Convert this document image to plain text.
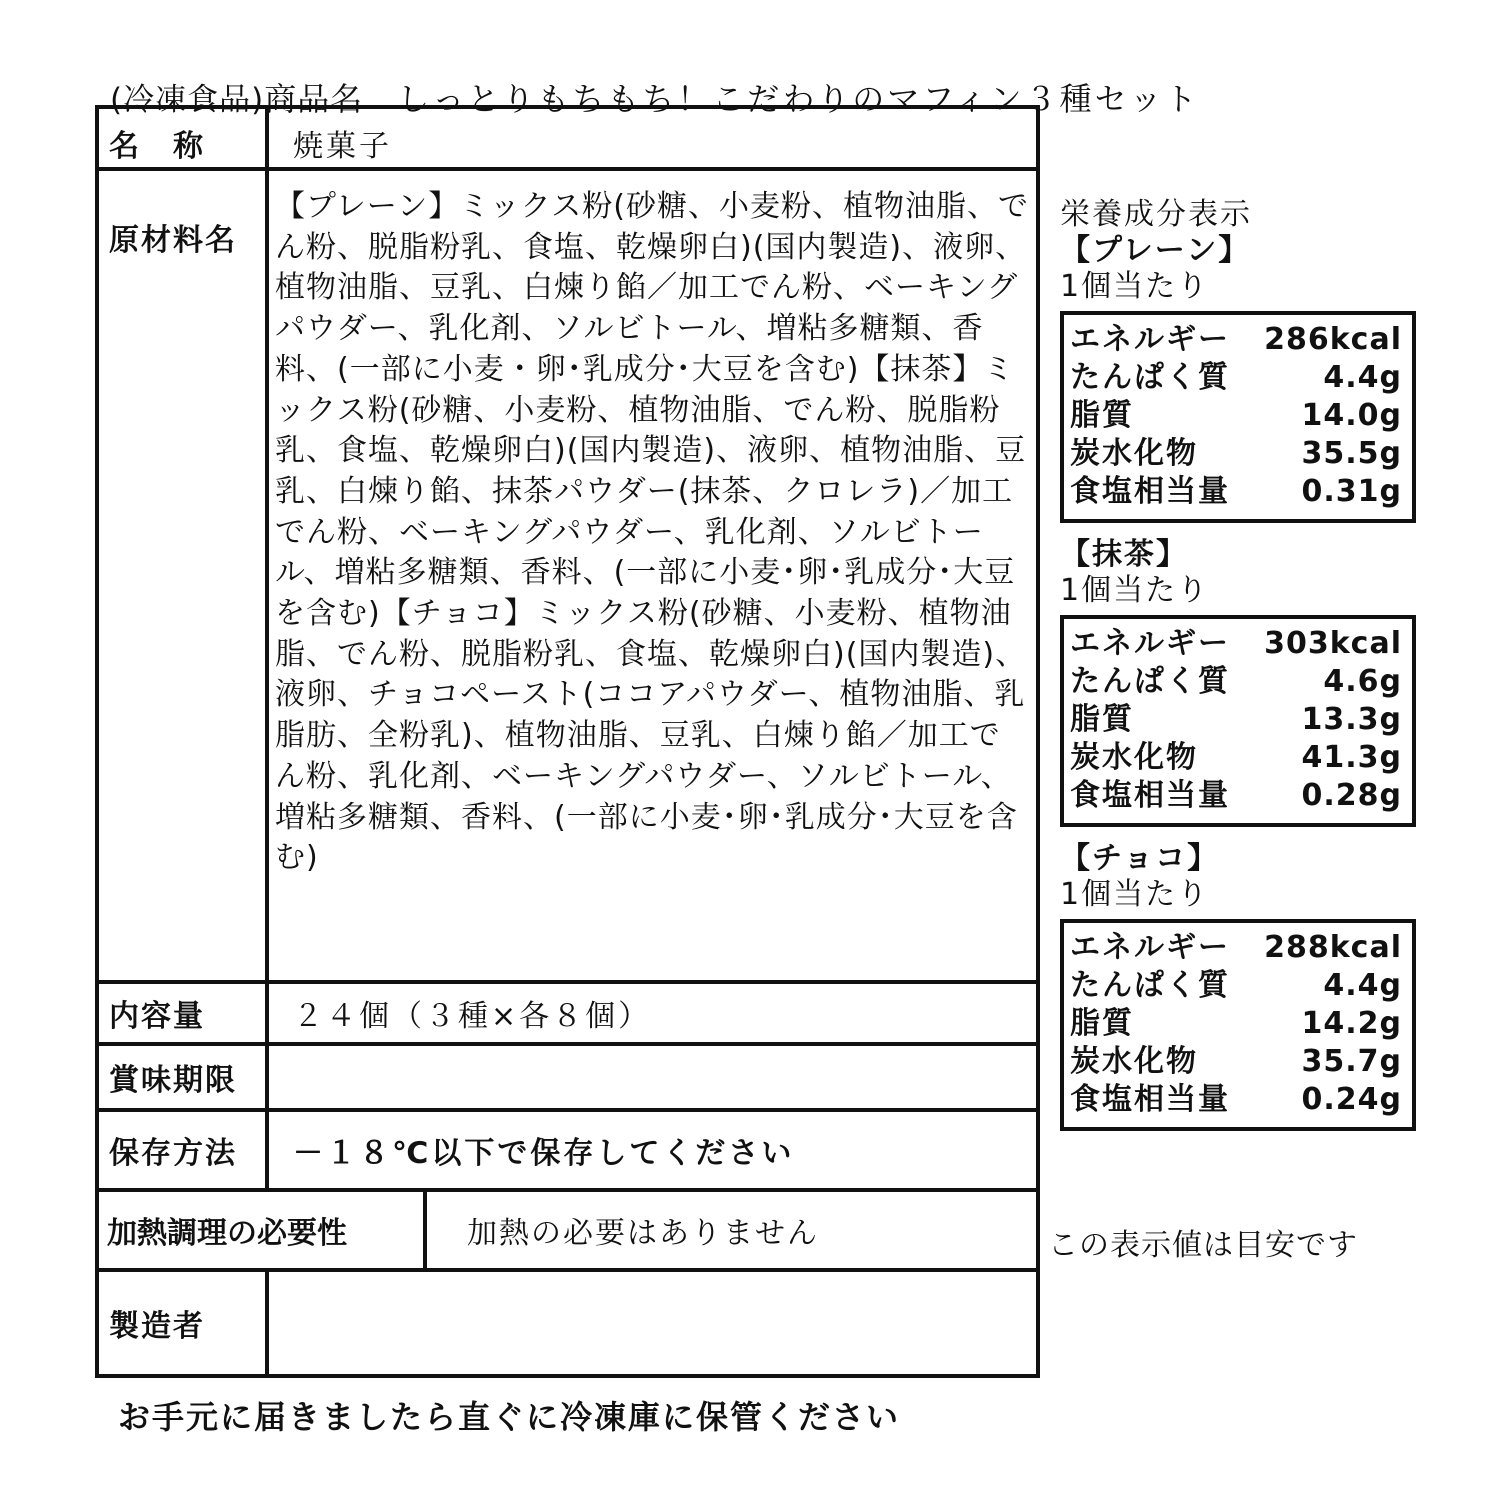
(冷凍食品)商品名 しっとりもちもち！こだわりのマフィン３種セット
名　称	焼菓子
原材料名	【プレーン】ミックス粉(砂糖、小麦粉、植物油脂、でん粉、脱脂粉乳、食塩、乾燥卵白)(国内製造)、液卵、植物油脂、豆乳、白煉り餡／加工でん粉、ベーキングパウダー、乳化剤、ソルビトール、増粘多糖類、香料、(一部に小麦・卵･乳成分･大豆を含む)【抹茶】ミックス粉(砂糖、小麦粉、植物油脂、でん粉、脱脂粉乳、食塩、乾燥卵白)(国内製造)、液卵、植物油脂、豆乳、白煉り餡、抹茶パウダー(抹茶、クロレラ)／加工でん粉、ベーキングパウダー、乳化剤、ソルビトール、増粘多糖類、香料、(一部に小麦･卵･乳成分･大豆を含む)【チョコ】ミックス粉(砂糖、小麦粉、植物油脂、でん粉、脱脂粉乳、食塩、乾燥卵白)(国内製造)、液卵、チョコペースト(ココアパウダー、植物油脂、乳脂肪、全粉乳)、植物油脂、豆乳、白煉り餡／加工でん粉、乳化剤、ベーキングパウダー、ソルビトール、増粘多糖類、香料、(一部に小麦･卵･乳成分･大豆を含む)
内容量	２４個（３種×各８個）
賞味期限	
保存方法	－１８℃以下で保存してください

加熱調理の必要性	加熱の必要はありません

製造者	
お手元に届きましたら直ぐに冷凍庫に保管ください
栄養成分表示
【プレーン】
1個当たり
エネルギー 286kcal
たんぱく質	4.4g
脂質	14.0g
炭水化物	35.5g
食塩相当量 0.31g
【抹茶】
1個当たり
エネルギー 303kcal
たんぱく質	4.6g
脂質	13.3g
炭水化物	41.3g
食塩相当量 0.28g
【チョコ】
1個当たり
エネルギー 288kcal
たんぱく質	4.4g
脂質	14.2g
炭水化物	35.7g
食塩相当量 0.24g
この表示値は目安です
